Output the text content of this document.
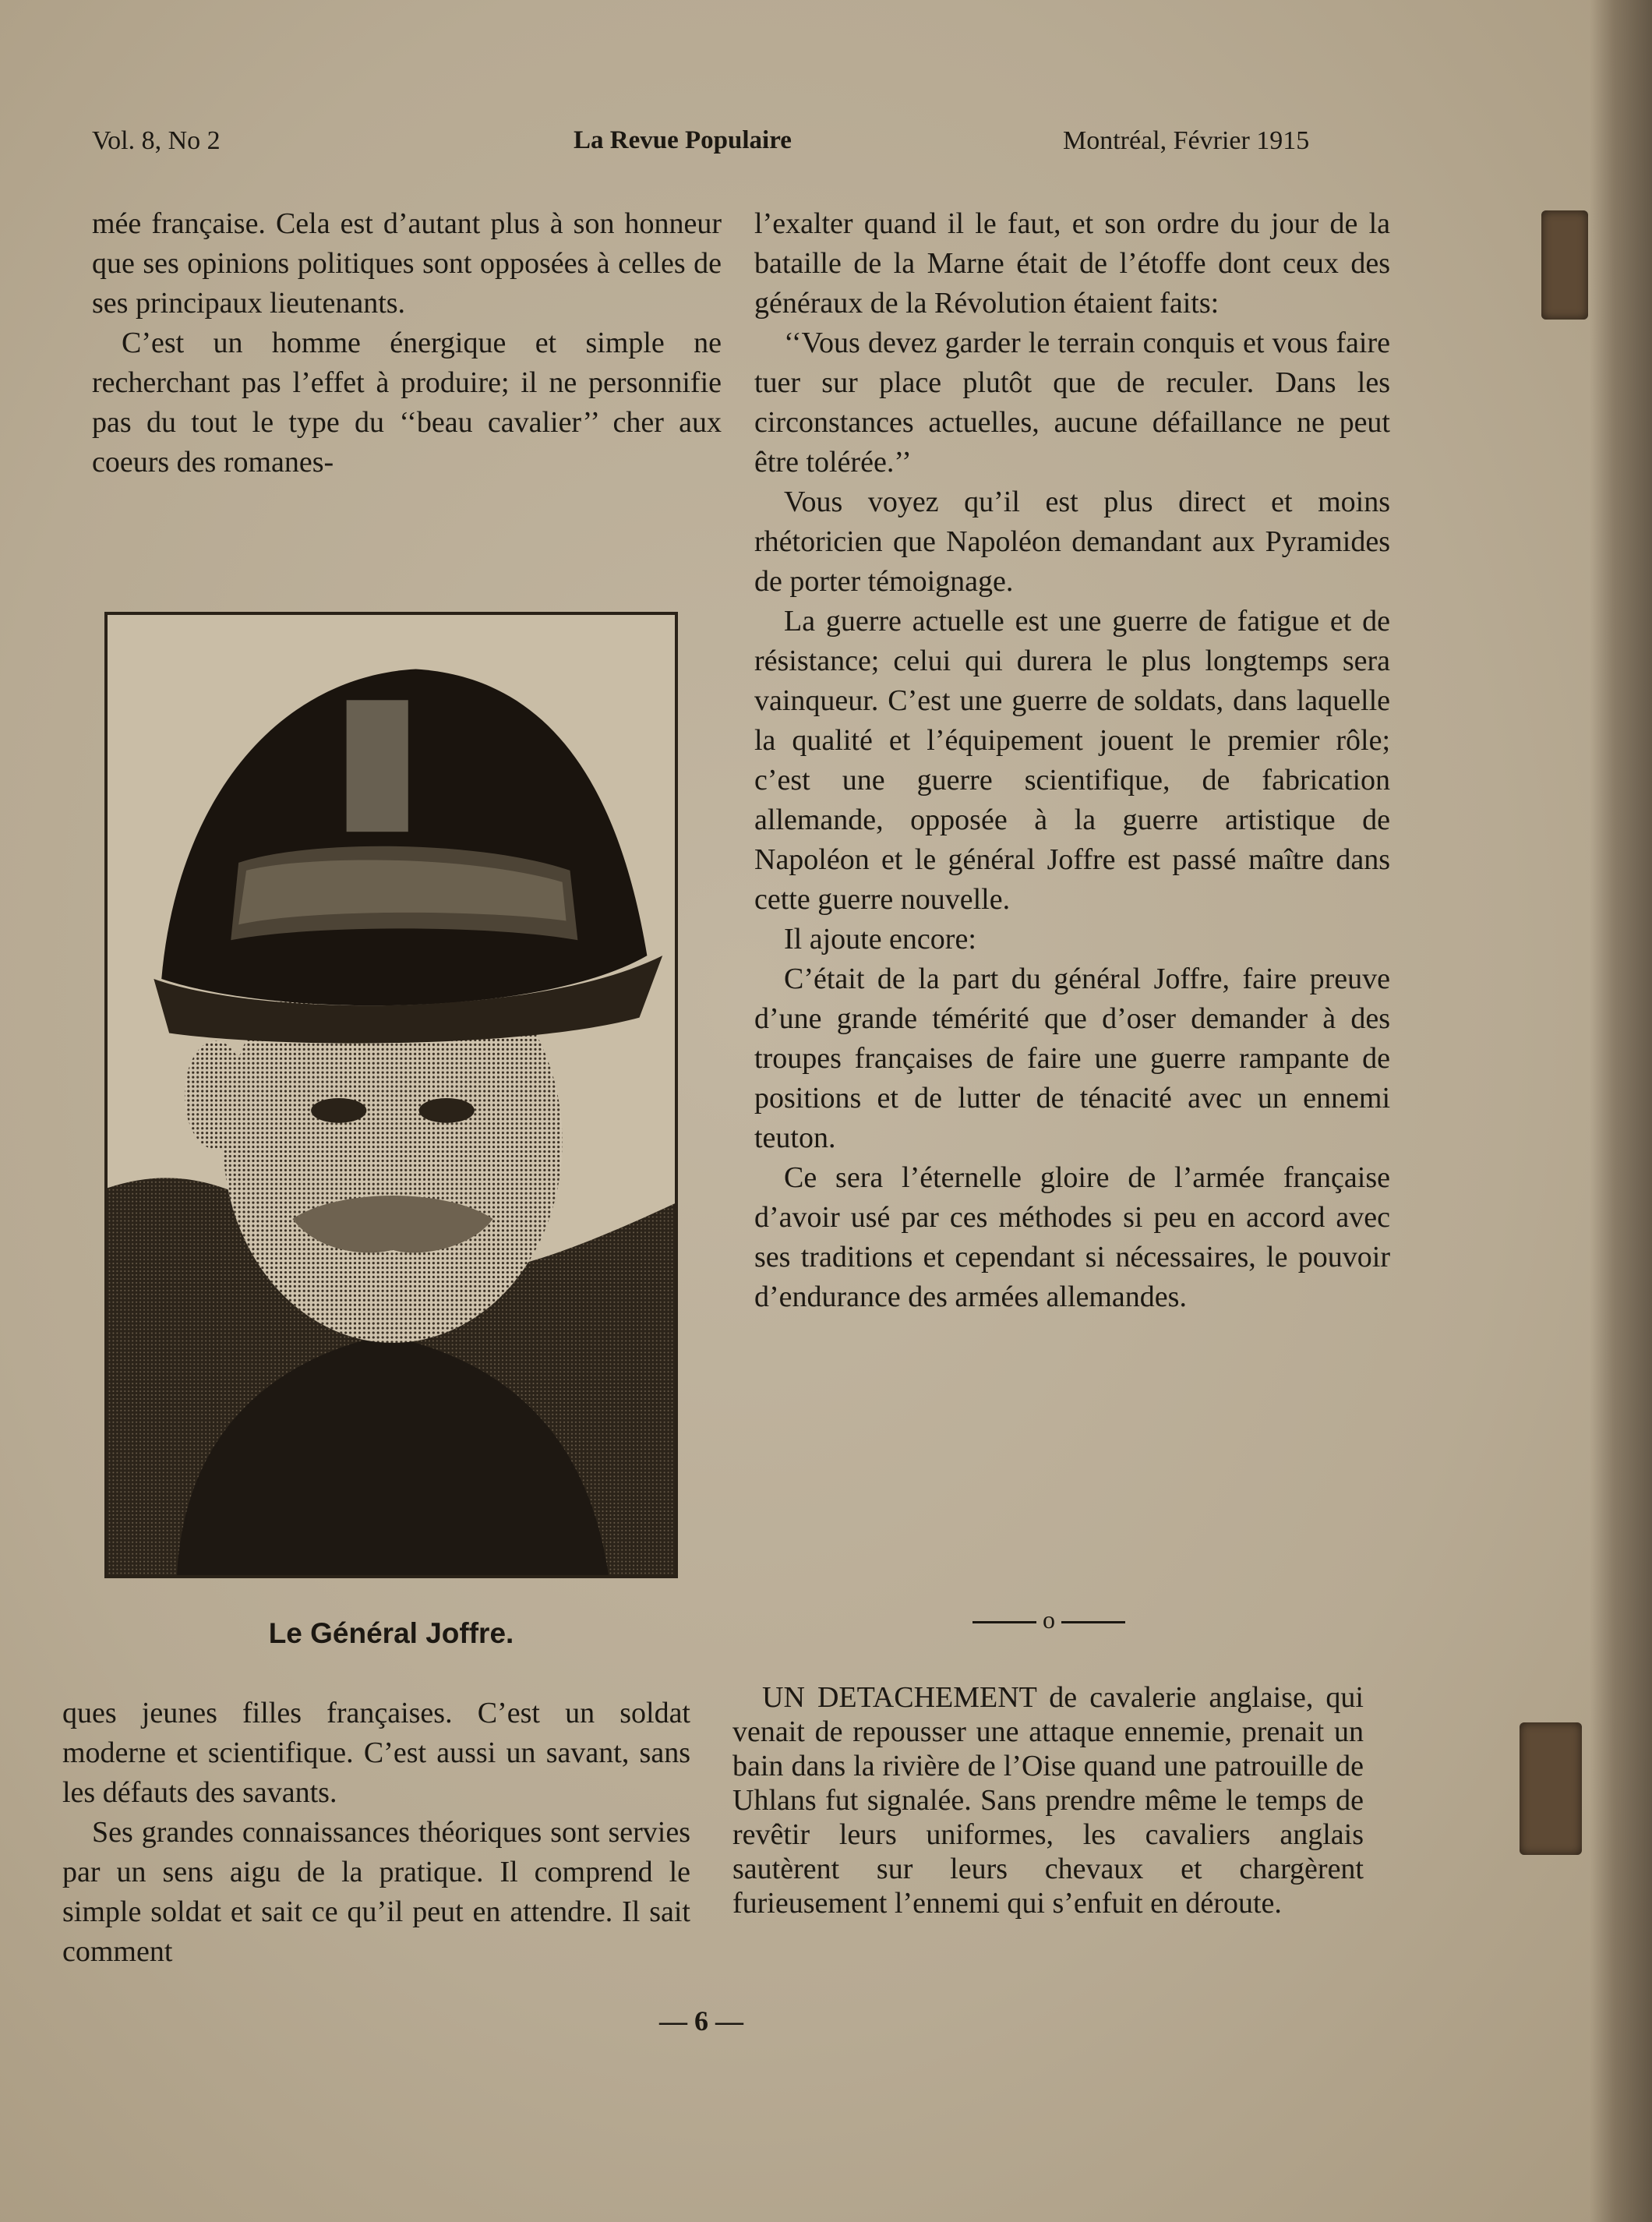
Vol. 8, No 2	La Revue Populaire	Montréal, Février 1915

mée française. Cela est d’autant plus à son honneur que ses opinions politiques sont opposées à celles de ses principaux lieutenants.

C’est un homme énergique et simple ne recherchant pas l’effet à produire; il ne personnifie pas du tout le type du ‘‘beau cavalier’’ cher aux coeurs des romanes-

Le Général Joffre.

l’exalter quand il le faut, et son ordre du jour de la bataille de la Marne était de l’étoffe dont ceux des généraux de la Révolution étaient faits:

‘‘Vous devez garder le terrain conquis et vous faire tuer sur place plutôt que de reculer. Dans les circonstances actuelles, aucune défaillance ne peut être tolérée.’’

Vous voyez qu’il est plus direct et moins rhétoricien que Napoléon demandant aux Pyramides de porter témoignage.

La guerre actuelle est une guerre de fatigue et de résistance; celui qui durera le plus longtemps sera vainqueur. C’est une guerre de soldats, dans laquelle la qualité et l’équipement jouent le premier rôle; c’est une guerre scientifique, de fabrication allemande, opposée à la guerre artistique de Napoléon et le général Joffre est passé maître dans cette guerre nouvelle.

Il ajoute encore:

C’était de la part du général Joffre, faire preuve d’une grande témérité que d’oser demander à des troupes françaises de faire une guerre rampante de positions et de lutter de ténacité avec un ennemi teuton.

Ce sera l’éternelle gloire de l’armée française d’avoir usé par ces méthodes si peu en accord avec ses traditions et cependant si nécessaires, le pouvoir d’endurance des armées allemandes.

o

ques jeunes filles françaises. C’est un soldat moderne et scientifique. C’est aussi un savant, sans les défauts des savants.

Ses grandes connaissances théoriques sont servies par un sens aigu de la pratique. Il comprend le simple soldat et sait ce qu’il peut en attendre. Il sait comment

UN DETACHEMENT de cavalerie anglaise, qui venait de repousser une attaque ennemie, prenait un bain dans la rivière de l’Oise quand une patrouille de Uhlans fut signalée. Sans prendre même le temps de revêtir leurs uniformes, les cavaliers anglais sautèrent sur leurs chevaux et chargèrent furieusement l’ennemi qui s’enfuit en déroute.

— 6 —
